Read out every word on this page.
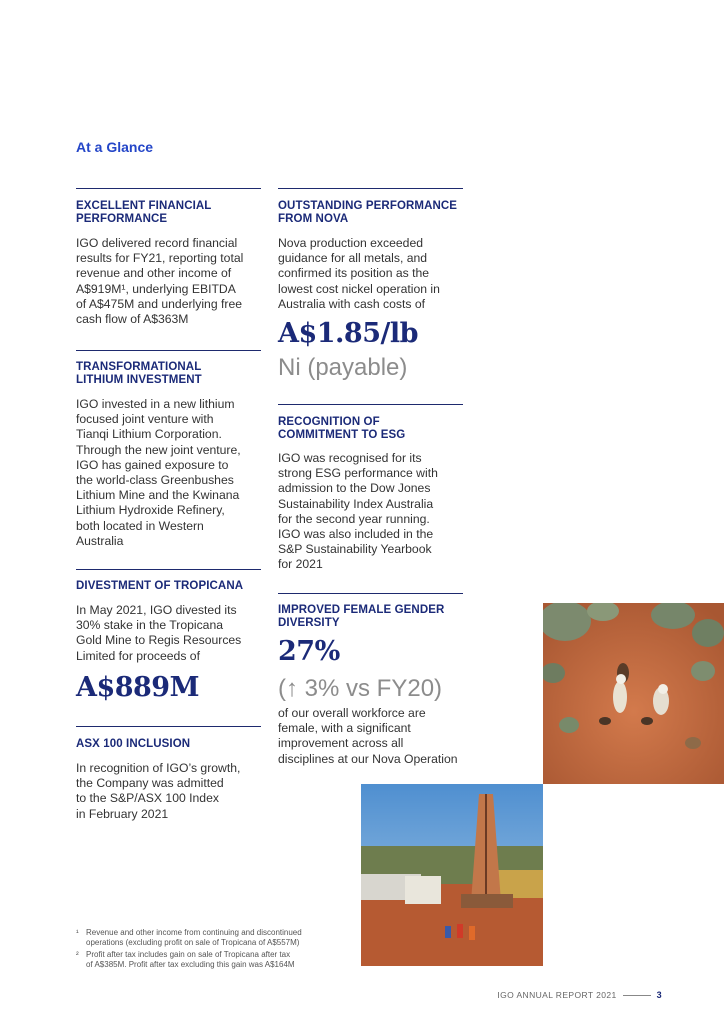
At a Glance
EXCELLENT FINANCIAL
PERFORMANCE
IGO delivered record financial
results for FY21, reporting total
revenue and other income of
A$919M¹, underlying EBITDA
of A$475M and underlying free
cash flow of A$363M
TRANSFORMATIONAL
LITHIUM INVESTMENT
IGO invested in a new lithium
focused joint venture with
Tianqi Lithium Corporation.
Through the new joint venture,
IGO has gained exposure to
the world-class Greenbushes
Lithium Mine and the Kwinana
Lithium Hydroxide Refinery,
both located in Western
Australia
DIVESTMENT OF TROPICANA
In May 2021, IGO divested its
30% stake in the Tropicana
Gold Mine to Regis Resources
Limited for proceeds of
A$889M
ASX 100 INCLUSION
In recognition of IGO’s growth,
the Company was admitted
to the S&P/ASX 100 Index
in February 2021
OUTSTANDING PERFORMANCE
FROM NOVA
Nova production exceeded
guidance for all metals, and
confirmed its position as the
lowest cost nickel operation in
Australia with cash costs of
A$1.85/lb
Ni (payable)
RECOGNITION OF
COMMITMENT TO ESG
IGO was recognised for its
strong ESG performance with
admission to the Dow Jones
Sustainability Index Australia
for the second year running.
IGO was also included in the
S&P Sustainability Yearbook
for 2021
IMPROVED FEMALE GENDER
DIVERSITY
27%
(↑ 3% vs FY20)
of our overall workforce are
female, with a significant
improvement across all
disciplines at our Nova Operation
¹ Revenue and other income from continuing and discontinued
operations (excluding profit on sale of Tropicana of A$557M)
² Profit after tax includes gain on sale of Tropicana after tax
of A$385M. Profit after tax excluding this gain was A$164M
IGO ANNUAL REPORT 2021	3
